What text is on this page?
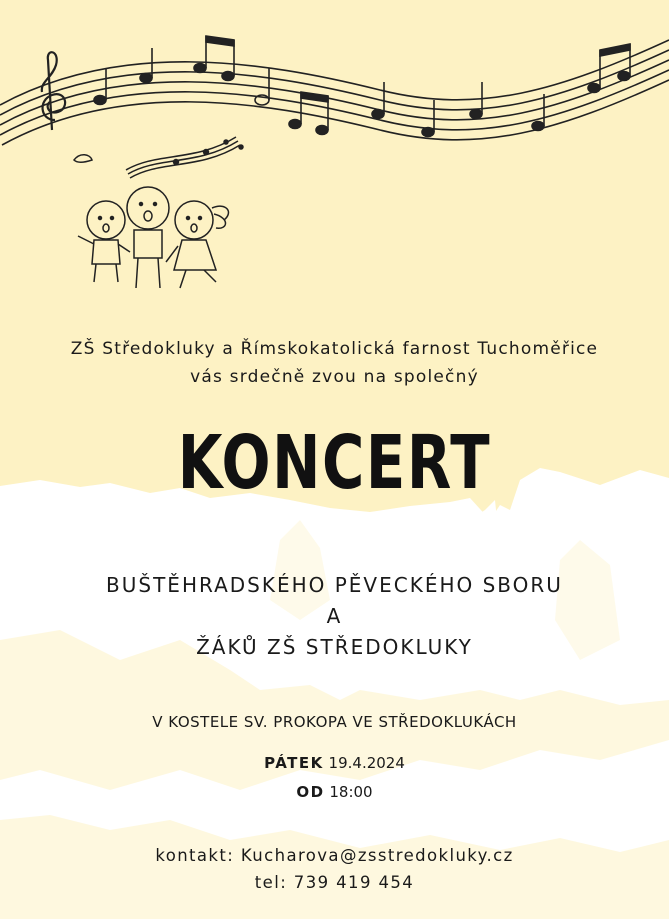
ZŠ Středokluky a Římskokatolická farnost Tuchoměřice
vás srdečně zvou na společný
KONCERT
BUŠTĚHRADSKÉHO PĚVECKÉHO SBORU
A
ŽÁKŮ ZŠ STŘEDOKLUKY
V KOSTELE SV. PROKOPA VE STŘEDOKLUKÁCH
PÁTEK 19.4.2024
OD 18:00
kontakt: Kucharova@zsstredokluky.cz
tel: 739 419 454
